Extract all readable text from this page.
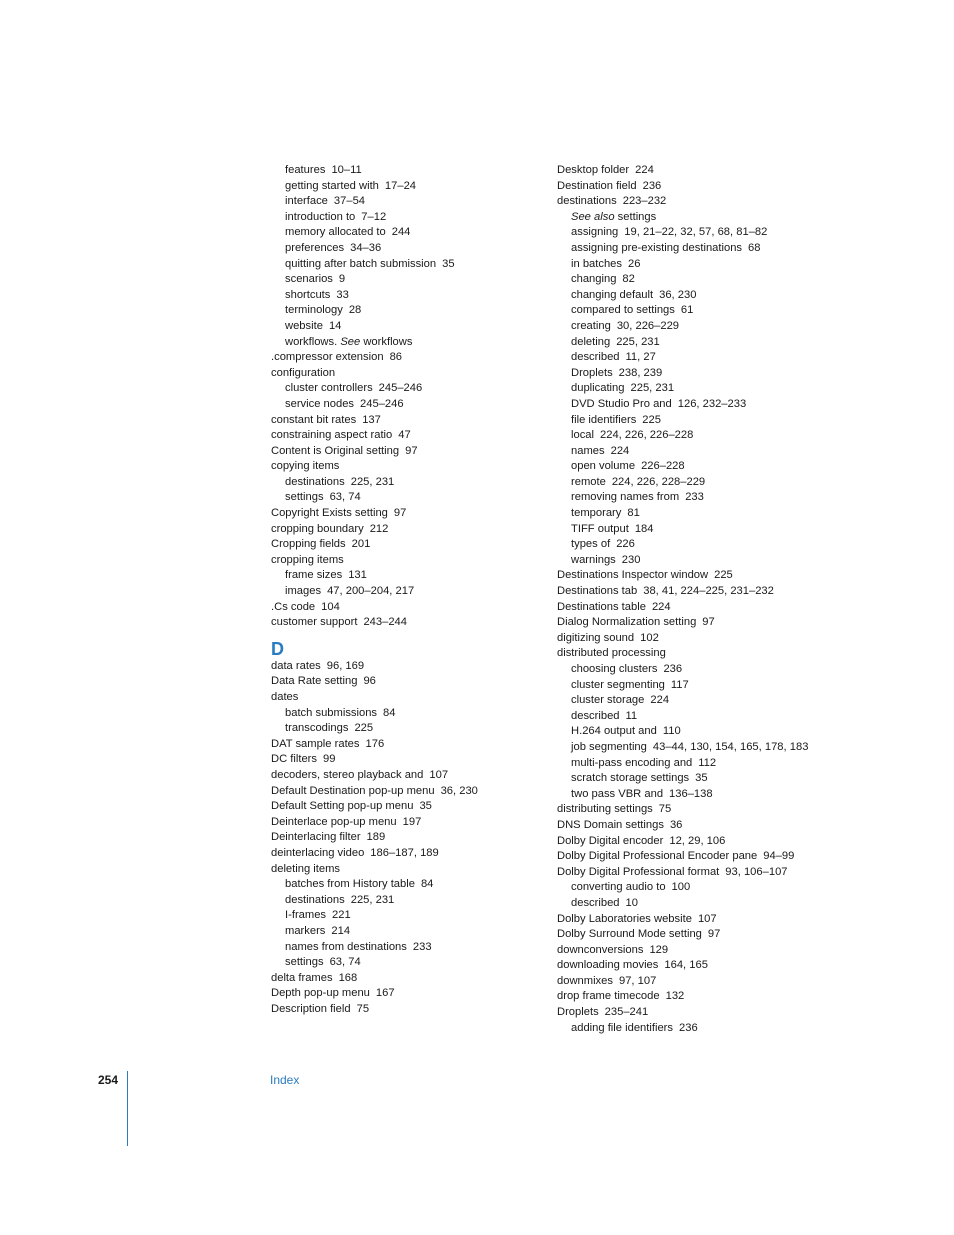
features 10–11
getting started with 17–24
interface 37–54
introduction to 7–12
memory allocated to 244
preferences 34–36
quitting after batch submission 35
scenarios 9
shortcuts 33
terminology 28
website 14
workflows. See workflows
.compressor extension 86
configuration
cluster controllers 245–246
service nodes 245–246
constant bit rates 137
constraining aspect ratio 47
Content is Original setting 97
copying items
destinations 225, 231
settings 63, 74
Copyright Exists setting 97
cropping boundary 212
Cropping fields 201
cropping items
frame sizes 131
images 47, 200–204, 217
.Cs code 104
customer support 243–244
D
data rates 96, 169
Data Rate setting 96
dates
batch submissions 84
transcodings 225
DAT sample rates 176
DC filters 99
decoders, stereo playback and 107
Default Destination pop-up menu 36, 230
Default Setting pop-up menu 35
Deinterlace pop-up menu 197
Deinterlacing filter 189
deinterlacing video 186–187, 189
deleting items
batches from History table 84
destinations 225, 231
I-frames 221
markers 214
names from destinations 233
settings 63, 74
delta frames 168
Depth pop-up menu 167
Description field 75
Desktop folder 224
Destination field 236
destinations 223–232
See also settings
assigning 19, 21–22, 32, 57, 68, 81–82
assigning pre-existing destinations 68
in batches 26
changing 82
changing default 36, 230
compared to settings 61
creating 30, 226–229
deleting 225, 231
described 11, 27
Droplets 238, 239
duplicating 225, 231
DVD Studio Pro and 126, 232–233
file identifiers 225
local 224, 226, 226–228
names 224
open volume 226–228
remote 224, 226, 228–229
removing names from 233
temporary 81
TIFF output 184
types of 226
warnings 230
Destinations Inspector window 225
Destinations tab 38, 41, 224–225, 231–232
Destinations table 224
Dialog Normalization setting 97
digitizing sound 102
distributed processing
choosing clusters 236
cluster segmenting 117
cluster storage 224
described 11
H.264 output and 110
job segmenting 43–44, 130, 154, 165, 178, 183
multi-pass encoding and 112
scratch storage settings 35
two pass VBR and 136–138
distributing settings 75
DNS Domain settings 36
Dolby Digital encoder 12, 29, 106
Dolby Digital Professional Encoder pane 94–99
Dolby Digital Professional format 93, 106–107
converting audio to 100
described 10
Dolby Laboratories website 107
Dolby Surround Mode setting 97
downconversions 129
downloading movies 164, 165
downmixes 97, 107
drop frame timecode 132
Droplets 235–241
adding file identifiers 236
254	Index
